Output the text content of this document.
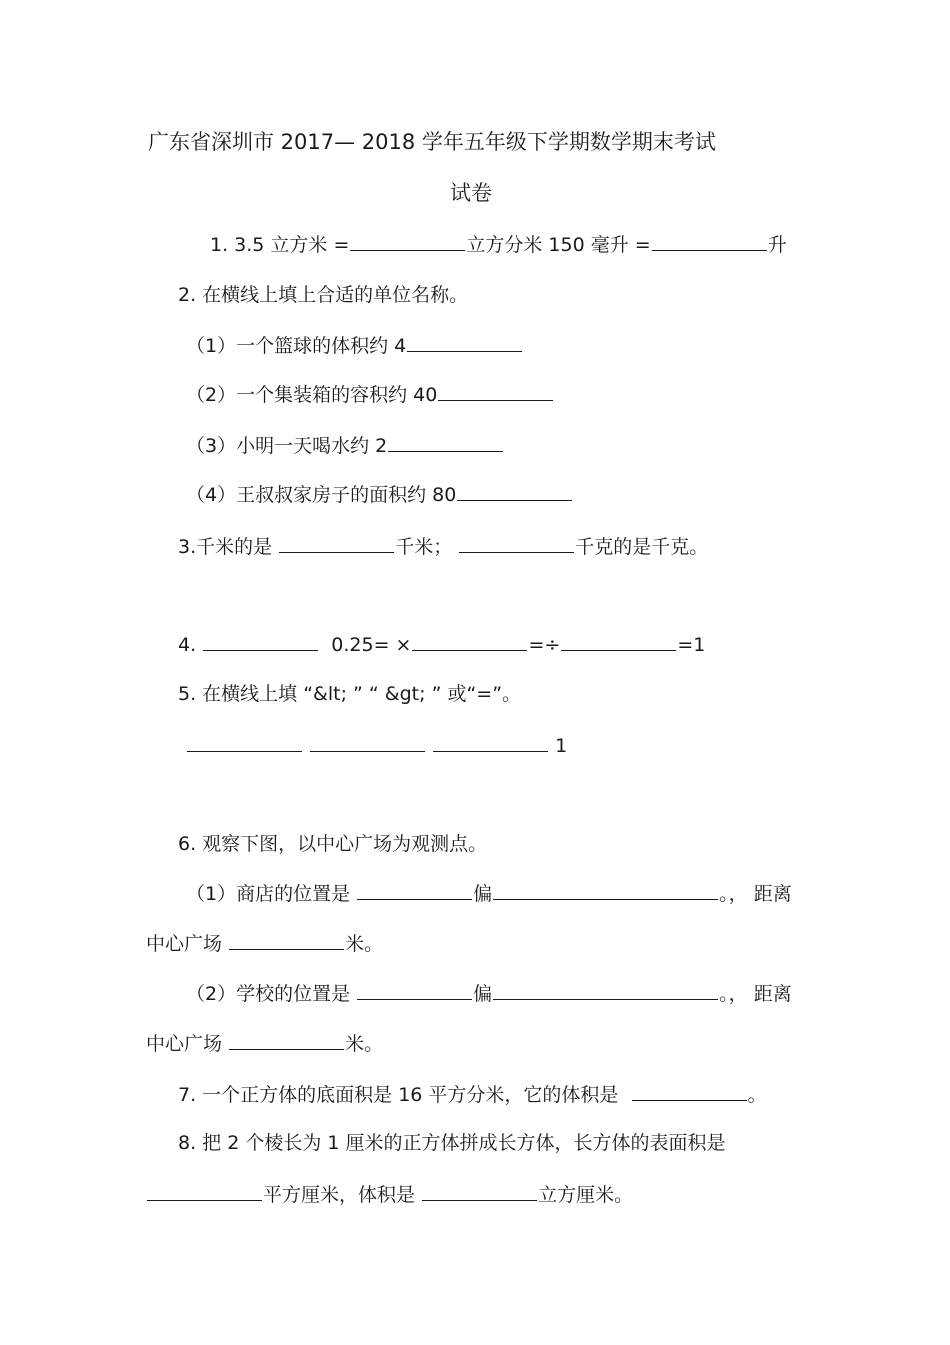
广东省深圳市 2017— 2018 学年五年级下学期数学期末考试
试卷
1. 3.5 立方米 =	立方分米 150 毫升 =	升
2. 在横线上填上合适的单位名称。
（1）一个篮球的体积约 4
（2）一个集装箱的容积约 40
（3）小明一天喝水约 2
（4）王叔叔家房子的面积约 80
3.千米的是	千米；	千克的是千克。
4.	0.25= ×	=÷	=1
5. 在横线上填 “&lt; ” “ &gt; ” 或“=”。
1
6. 观察下图，以中心广场为观测点。
（1）商店的位置是	偏	。， 距离
中心广场	米。
（2）学校的位置是	偏	。， 距离
中心广场	米。
7. 一个正方体的底面积是 16 平方分米，它的体积是	。
8. 把 2 个棱长为 1 厘米的正方体拼成长方体，长方体的表面积是
平方厘米，体积是	立方厘米。
